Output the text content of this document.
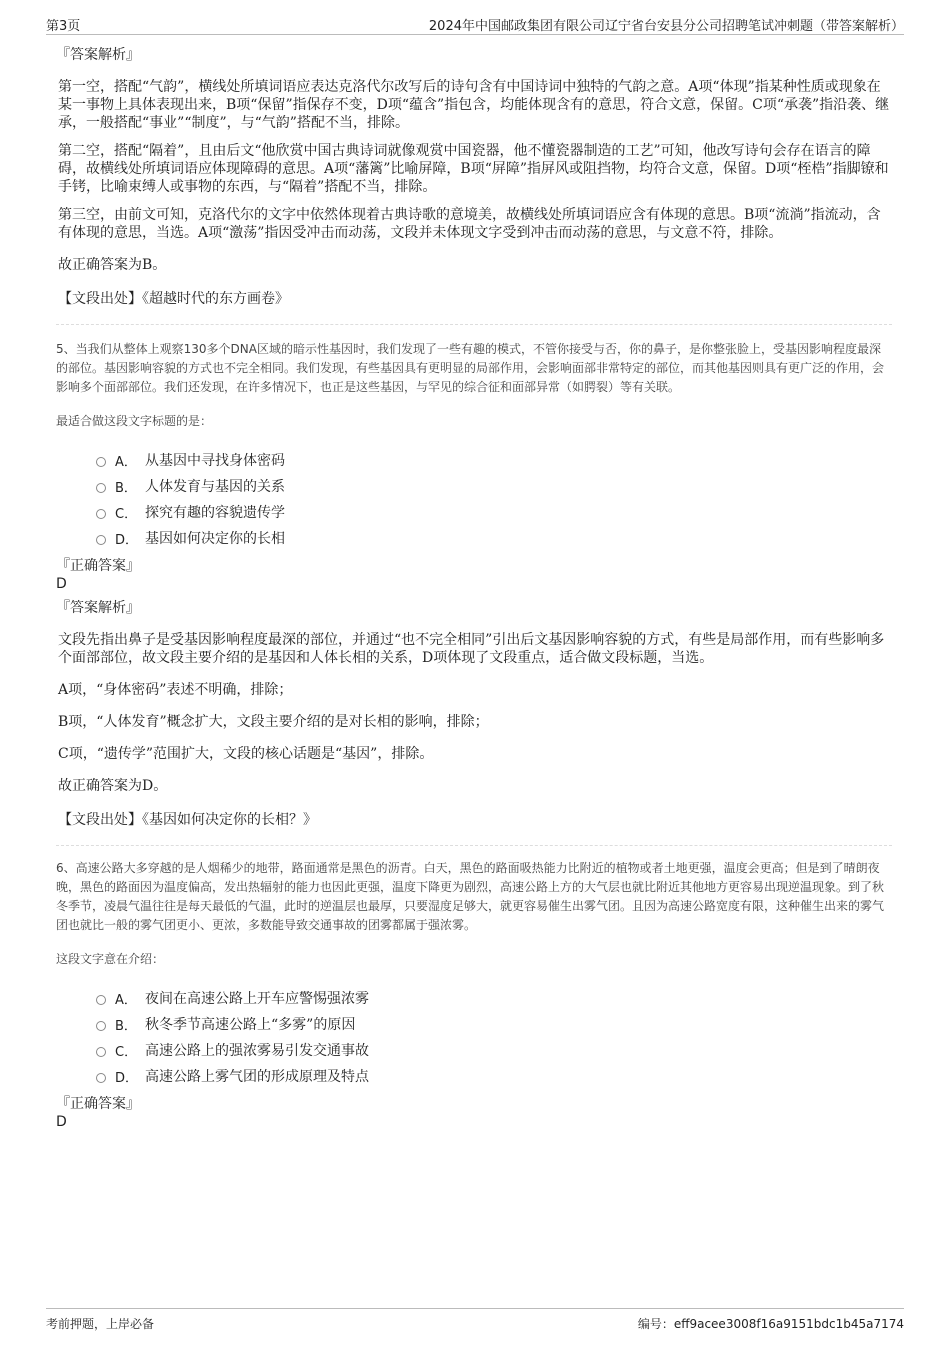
第3页	2024年中国邮政集团有限公司辽宁省台安县分公司招聘笔试冲刺题（带答案解析）
『答案解析』
第一空，搭配“气韵”，横线处所填词语应表达克洛代尔改写后的诗句含有中国诗词中独特的气韵之意。A项“体现”指某种性质或现象在某一事物上具体表现出来，B项“保留”指保存不变，D项“蕴含”指包含，均能体现含有的意思，符合文意，保留。C项“承袭”指沿袭、继承，一般搭配“事业”“制度”，与“气韵”搭配不当，排除。
第二空，搭配“隔着”，且由后文“他欣赏中国古典诗词就像观赏中国瓷器，他不懂瓷器制造的工艺”可知，他改写诗句会存在语言的障碍，故横线处所填词语应体现障碍的意思。A项“藩篱”比喻屏障，B项“屏障”指屏风或阻挡物，均符合文意，保留。D项“桎梏”指脚镣和手铐，比喻束缚人或事物的东西，与“隔着”搭配不当，排除。
第三空，由前文可知，克洛代尔的文字中依然体现着古典诗歌的意境美，故横线处所填词语应含有体现的意思。B项“流淌”指流动，含有体现的意思，当选。A项“激荡”指因受冲击而动荡，文段并未体现文字受到冲击而动荡的意思，与文意不符，排除。
故正确答案为B。
【文段出处】《超越时代的东方画卷》
5、当我们从整体上观察130多个DNA区域的暗示性基因时，我们发现了一些有趣的模式，不管你接受与否，你的鼻子，是你整张脸上，受基因影响程度最深的部位。基因影响容貌的方式也不完全相同。我们发现，有些基因具有更明显的局部作用，会影响面部非常特定的部位，而其他基因则具有更广泛的作用，会影响多个面部部位。我们还发现，在许多情况下，也正是这些基因，与罕见的综合征和面部异常（如腭裂）等有关联。
最适合做这段文字标题的是：
A． 从基因中寻找身体密码
B． 人体发育与基因的关系
C． 探究有趣的容貌遗传学
D． 基因如何决定你的长相
『正确答案』
D
『答案解析』
文段先指出鼻子是受基因影响程度最深的部位，并通过“也不完全相同”引出后文基因影响容貌的方式，有些是局部作用，而有些影响多个面部部位，故文段主要介绍的是基因和人体长相的关系，D项体现了文段重点，适合做文段标题，当选。
A项，“身体密码”表述不明确，排除；
B项，“人体发育”概念扩大，文段主要介绍的是对长相的影响，排除；
C项，“遗传学”范围扩大，文段的核心话题是“基因”，排除。
故正确答案为D。
【文段出处】《基因如何决定你的长相？》
6、高速公路大多穿越的是人烟稀少的地带，路面通常是黑色的沥青。白天，黑色的路面吸热能力比附近的植物或者土地更强，温度会更高；但是到了晴朗夜晚，黑色的路面因为温度偏高，发出热辐射的能力也因此更强，温度下降更为剧烈，高速公路上方的大气层也就比附近其他地方更容易出现逆温现象。到了秋冬季节，凌晨气温往往是每天最低的气温，此时的逆温层也最厚，只要湿度足够大，就更容易催生出雾气团。且因为高速公路宽度有限，这种催生出来的雾气团也就比一般的雾气团更小、更浓，多数能导致交通事故的团雾都属于强浓雾。
这段文字意在介绍：
A． 夜间在高速公路上开车应警惕强浓雾
B． 秋冬季节高速公路上“多雾”的原因
C． 高速公路上的强浓雾易引发交通事故
D． 高速公路上雾气团的形成原理及特点
『正确答案』
D
考前押题，上岸必备	编号：eff9acee3008f16a9151bdc1b45a7174
